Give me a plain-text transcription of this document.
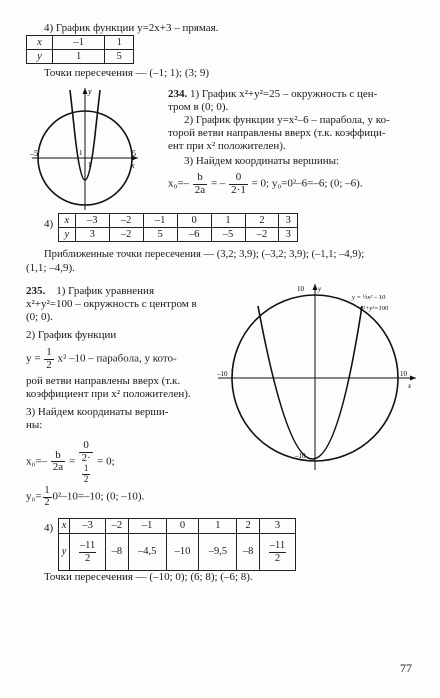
4) График функции y=2x+3 – прямая.
x	–1	1
y	1	5
Точки пересечения — (–1; 1); (3; 9)
y
x
–5	5
1
1
234. 1) График x²+y²=25 – окружность с цен-
тром в (0; 0).
2) График функции y=x²–6 – парабола, у ко-
торой ветви направлены вверх (т.к. коэффици-
ент при x² положителен).
3) Найдем координаты вершины:
$x_0=- \frac{b}{2a}$ = – $\frac{0}{2\cdot 1} = 0$; y₀=0²–6=–6; (0; –6).
4) x	–3	–2	–1	0	1	2	3
y	3	–2	5	–6	–5	–2	3
Приближенные точки пересечения — (3,2; 3,9); (–3,2; 3,9); (–1,1; –4,9);
(1,1; –4,9).
235. 1) График уравнения
x²+y²=100 – окружность с центром в
(0; 0).
2) График функции
$y = \frac{1}{2} x^2$ –10 – парабола, у кото-
рой ветви направлены вверх (т.к.
коэффициент при x² положителен).
3) Найдем координаты верши-
ны:
$x_0=- \frac{b}{2a} = 0$
2·
1
2 = 0;
$y_0= \frac{1}{2} 0^2-10=-10$; (0; –10).
y
x
10
–10
–10	10
y = ½x² – 10
x²+y²=100
4) x	–3	–2	–1	0	1	2	3
y	$\frac{-11}{2}$	–8	–4,5	–10	–9,5	–8	$\frac{-11}{2}$
Точки пересечения — (–10; 0); (6; 8); (–6; 8).
77
